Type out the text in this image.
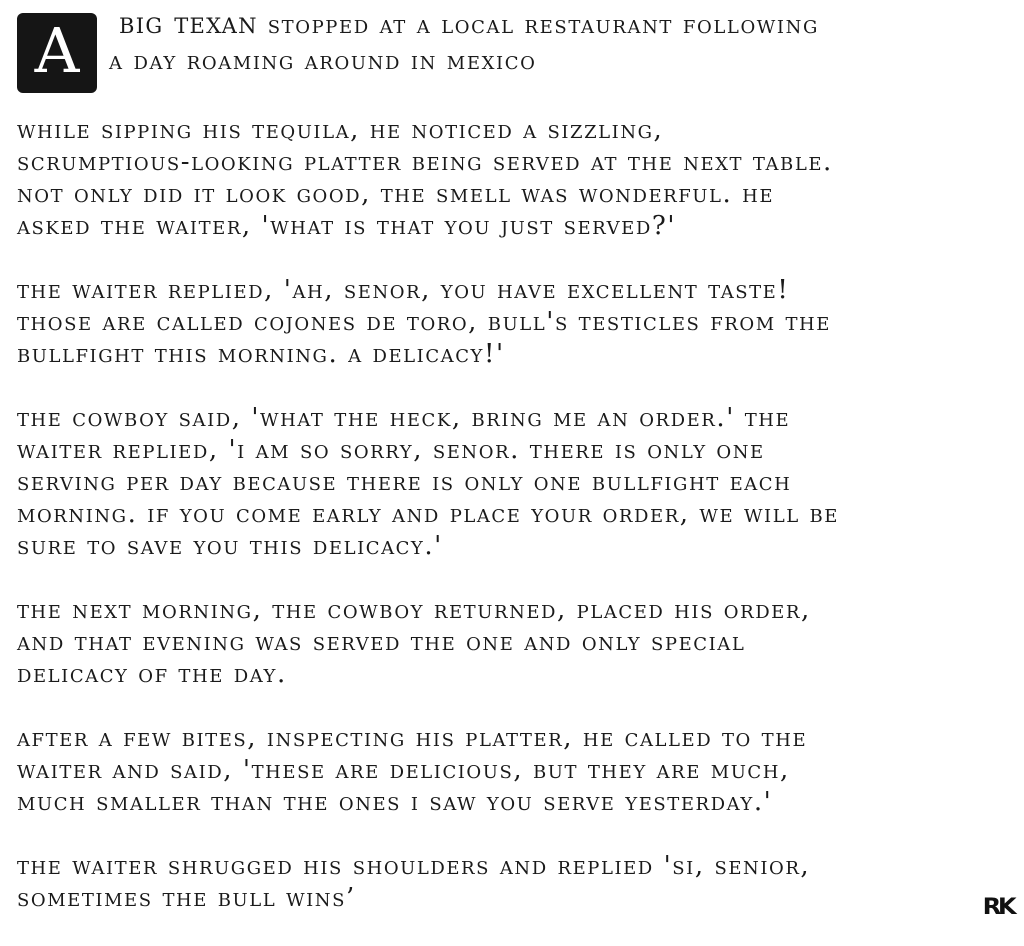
A	big texan stopped at a local restaurant following
a day roaming around in mexico

while sipping his tequila, he noticed a sizzling,
scrumptious-looking platter being served at the next table.
not only did it look good, the smell was wonderful. he
asked the waiter, 'what is that you just served?'

the waiter replied, 'ah, senor, you have excellent taste!
those are called cojones de toro, bull's testicles from the
bullfight this morning. a delicacy!'

the cowboy said, 'what the heck, bring me an order.' the
waiter replied, 'i am so sorry, senor. there is only one
serving per day because there is only one bullfight each
morning. if you come early and place your order, we will be
sure to save you this delicacy.'

the next morning, the cowboy returned, placed his order,
and that evening was served the one and only special
delicacy of the day.

after a few bites, inspecting his platter, he called to the
waiter and said, 'these are delicious, but they are much,
much smaller than the ones i saw you serve yesterday.'

the waiter shrugged his shoulders and replied 'si, senior,
sometimes the bull wins’	RK
